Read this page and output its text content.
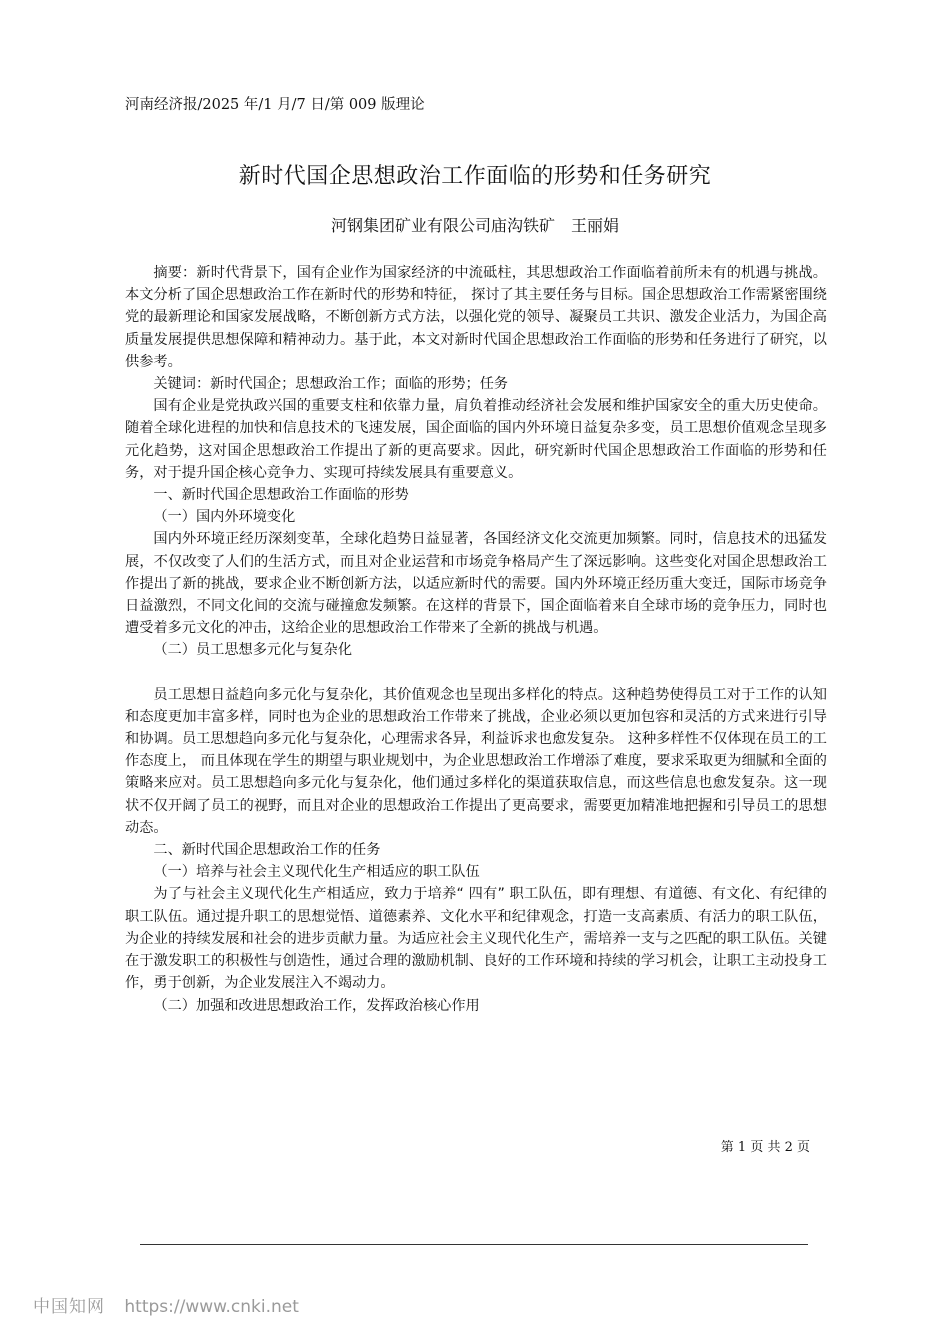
河南经济报/2025 年/1 月/7 日/第 009 版理论
新时代国企思想政治工作面临的形势和任务研究
河钢集团矿业有限公司庙沟铁矿　王丽娟

摘要：新时代背景下，国有企业作为国家经济的中流砥柱，其思想政治工作面临着前所未有的机遇与挑战。 本文分析了国企思想政治工作在新时代的形势和特征， 探讨了其主要任务与目标。国企思想政治工作需紧密围绕党的最新理论和国家发展战略，不断创新方式方法，以强化党的领导、凝聚员工共识、激发企业活力，为国企高质量发展提供思想保障和精神动力。基于此，本文对新时代国企思想政治工作面临的形势和任务进行了研究，以供参考。

关键词：新时代国企；思想政治工作；面临的形势；任务

国有企业是党执政兴国的重要支柱和依靠力量，肩负着推动经济社会发展和维护国家安全的重大历史使命。随着全球化进程的加快和信息技术的飞速发展，国企面临的国内外环境日益复杂多变，员工思想价值观念呈现多元化趋势，这对国企思想政治工作提出了新的更高要求。因此，研究新时代国企思想政治工作面临的形势和任务，对于提升国企核心竞争力、实现可持续发展具有重要意义。

一、新时代国企思想政治工作面临的形势

（一）国内外环境变化

国内外环境正经历深刻变革，全球化趋势日益显著，各国经济文化交流更加频繁。同时，信息技术的迅猛发展，不仅改变了人们的生活方式，而且对企业运营和市场竞争格局产生了深远影响。这些变化对国企思想政治工作提出了新的挑战，要求企业不断创新方法，以适应新时代的需要。国内外环境正经历重大变迁，国际市场竞争日益激烈，不同文化间的交流与碰撞愈发频繁。在这样的背景下，国企面临着来自全球市场的竞争压力，同时也遭受着多元文化的冲击，这给企业的思想政治工作带来了全新的挑战与机遇。

（二）员工思想多元化与复杂化

员工思想日益趋向多元化与复杂化，其价值观念也呈现出多样化的特点。这种趋势使得员工对于工作的认知和态度更加丰富多样，同时也为企业的思想政治工作带来了挑战，企业必须以更加包容和灵活的方式来进行引导和协调。员工思想趋向多元化与复杂化，心理需求各异，利益诉求也愈发复杂。 这种多样性不仅体现在员工的工作态度上， 而且体现在学生的期望与职业规划中，为企业思想政治工作增添了难度，要求采取更为细腻和全面的策略来应对。员工思想趋向多元化与复杂化，他们通过多样化的渠道获取信息，而这些信息也愈发复杂。这一现状不仅开阔了员工的视野，而且对企业的思想政治工作提出了更高要求，需要更加精准地把握和引导员工的思想动态。

二、新时代国企思想政治工作的任务

（一）培养与社会主义现代化生产相适应的职工队伍

为了与社会主义现代化生产相适应，致力于培养“ 四有” 职工队伍，即有理想、有道德、有文化、有纪律的职工队伍。通过提升职工的思想觉悟、道德素养、文化水平和纪律观念，打造一支高素质、有活力的职工队伍，为企业的持续发展和社会的进步贡献力量。为适应社会主义现代化生产，需培养一支与之匹配的职工队伍。关键在于激发职工的积极性与创造性，通过合理的激励机制、良好的工作环境和持续的学习机会，让职工主动投身工作，勇于创新，为企业发展注入不竭动力。

（二）加强和改进思想政治工作，发挥政治核心作用

第 1 页 共 2 页
中国知网 https://www.cnki.net
